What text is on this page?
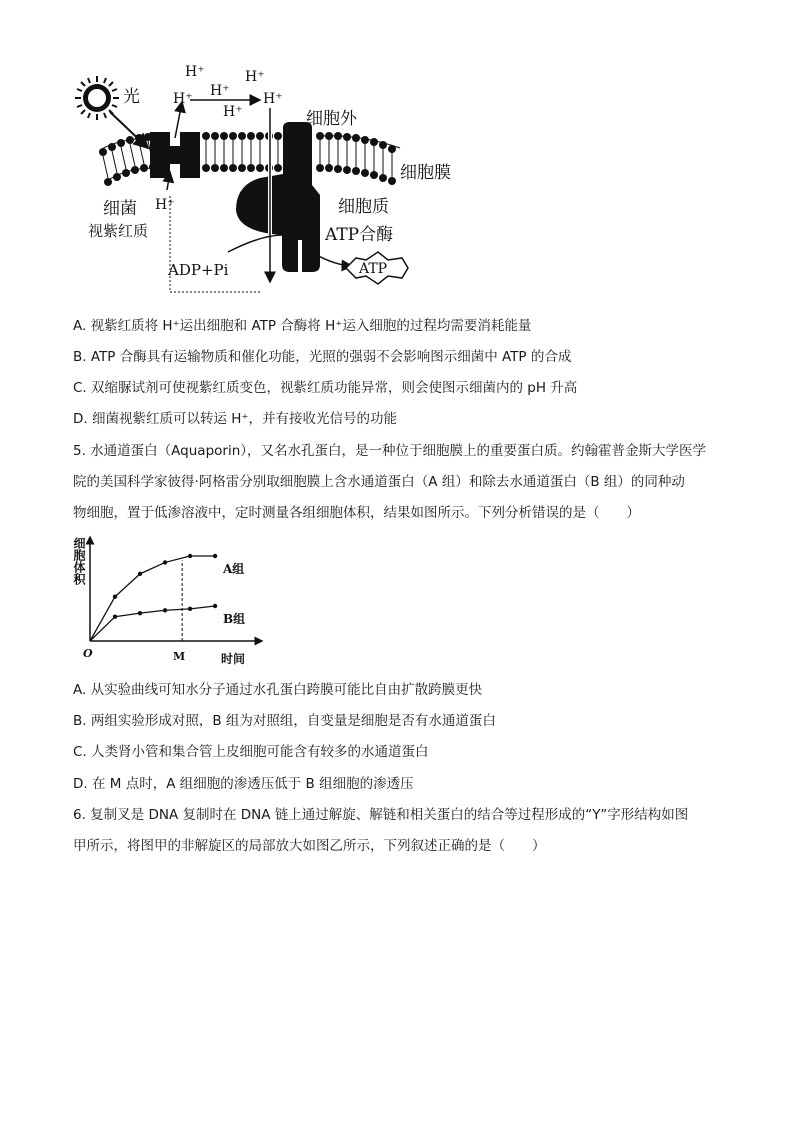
光
H⁺	H⁺
H⁺
H⁺	H⁺
H⁺
H⁺
细胞外
细胞膜
细胞质
ATP合酶
细菌
视紫红质
ADP+Pi	ATP
A. 视紫红质将 H⁺运出细胞和 ATP 合酶将 H⁺运入细胞的过程均需要消耗能量
B. ATP 合酶具有运输物质和催化功能，光照的强弱不会影响图示细菌中 ATP 的合成
C. 双缩脲试剂可使视紫红质变色，视紫红质功能异常，则会使图示细菌内的 pH 升高
D. 细菌视紫红质可以转运 H⁺，并有接收光信号的功能
5. 水通道蛋白（Aquaporin），又名水孔蛋白，是一种位于细胞膜上的重要蛋白质。约翰霍普金斯大学医学
院的美国科学家彼得·阿格雷分别取细胞膜上含水通道蛋白（A 组）和除去水通道蛋白（B 组）的同种动
物细胞，置于低渗溶液中，定时测量各组细胞体积，结果如图所示。下列分析错误的是（　　）
细胞体积
时间
O	M
A组
B组
A. 从实验曲线可知水分子通过水孔蛋白跨膜可能比自由扩散跨膜更快
B. 两组实验形成对照，B 组为对照组，自变量是细胞是否有水通道蛋白
C. 人类肾小管和集合管上皮细胞可能含有较多的水通道蛋白
D. 在 M 点时，A 组细胞的渗透压低于 B 组细胞的渗透压
6. 复制叉是 DNA 复制时在 DNA 链上通过解旋、解链和相关蛋白的结合等过程形成的“Y”字形结构如图
甲所示，将图甲的非解旋区的局部放大如图乙所示，下列叙述正确的是（　　）
